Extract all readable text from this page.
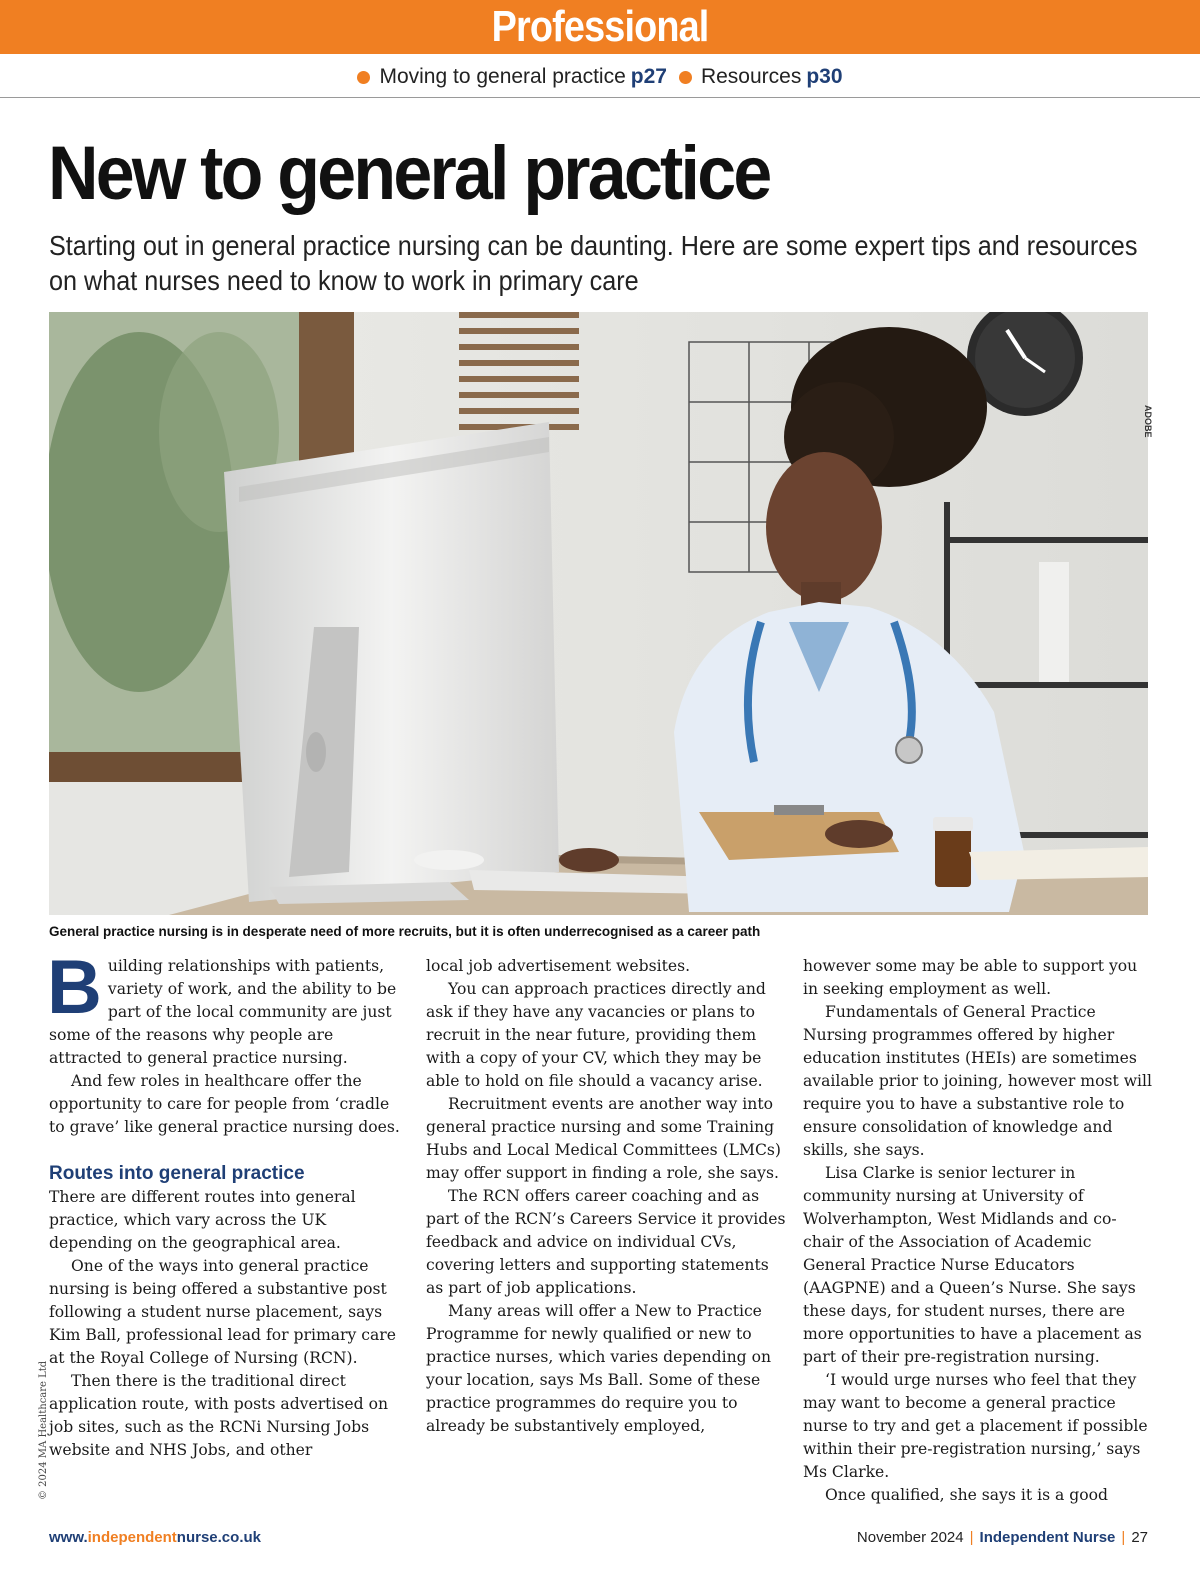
Professional
Moving to general practice p27 Resources p30
New to general practice

Starting out in general practice nursing can be daunting. Here are some expert tips and resources on what nurses need to know to work in primary care

ADOBE

General practice nursing is in desperate need of more recruits, but it is often underrecognised as a career path

B uilding relationships with patients, variety of work, and the ability to be part of the local community are just some of the reasons why people are attracted to general practice nursing.

And few roles in healthcare offer the opportunity to care for people from ‘cradle to grave’ like general practice nursing does.

Routes into general practice

There are different routes into general practice, which vary across the UK depending on the geographical area.

One of the ways into general practice nursing is being offered a substantive post following a student nurse placement, says Kim Ball, professional lead for primary care at the Royal College of Nursing (RCN).

Then there is the traditional direct application route, with posts advertised on job sites, such as the RCNi Nursing Jobs website and NHS Jobs, and other

local job advertisement websites.

You can approach practices directly and ask if they have any vacancies or plans to recruit in the near future, providing them with a copy of your CV, which they may be able to hold on file should a vacancy arise.

Recruitment events are another way into general practice nursing and some Training Hubs and Local Medical Committees (LMCs) may offer support in finding a role, she says.

The RCN offers career coaching and as part of the RCN’s Careers Service it provides feedback and advice on individual CVs, covering letters and supporting statements as part of job applications.

Many areas will offer a New to Practice Programme for newly qualified or new to practice nurses, which varies depending on your location, says Ms Ball. Some of these practice programmes do require you to already be substantively employed,

however some may be able to support you in seeking employment as well.

Fundamentals of General Practice Nursing programmes offered by higher education institutes (HEIs) are sometimes available prior to joining, however most will require you to have a substantive role to ensure consolidation of knowledge and skills, she says.

Lisa Clarke is senior lecturer in community nursing at University of Wolverhampton, West Midlands and co-chair of the Association of Academic General Practice Nurse Educators (AAGPNE) and a Queen’s Nurse. She says these days, for student nurses, there are more opportunities to have a placement as part of their pre-registration nursing.

‘I would urge nurses who feel that they may want to become a general practice nurse to try and get a placement if possible within their pre-registration nursing,’ says Ms Clarke.

Once qualified, she says it is a good

© 2024 MA Healthcare Ltd
www.independentnurse.co.uk	November 2024 | Independent Nurse | 27
